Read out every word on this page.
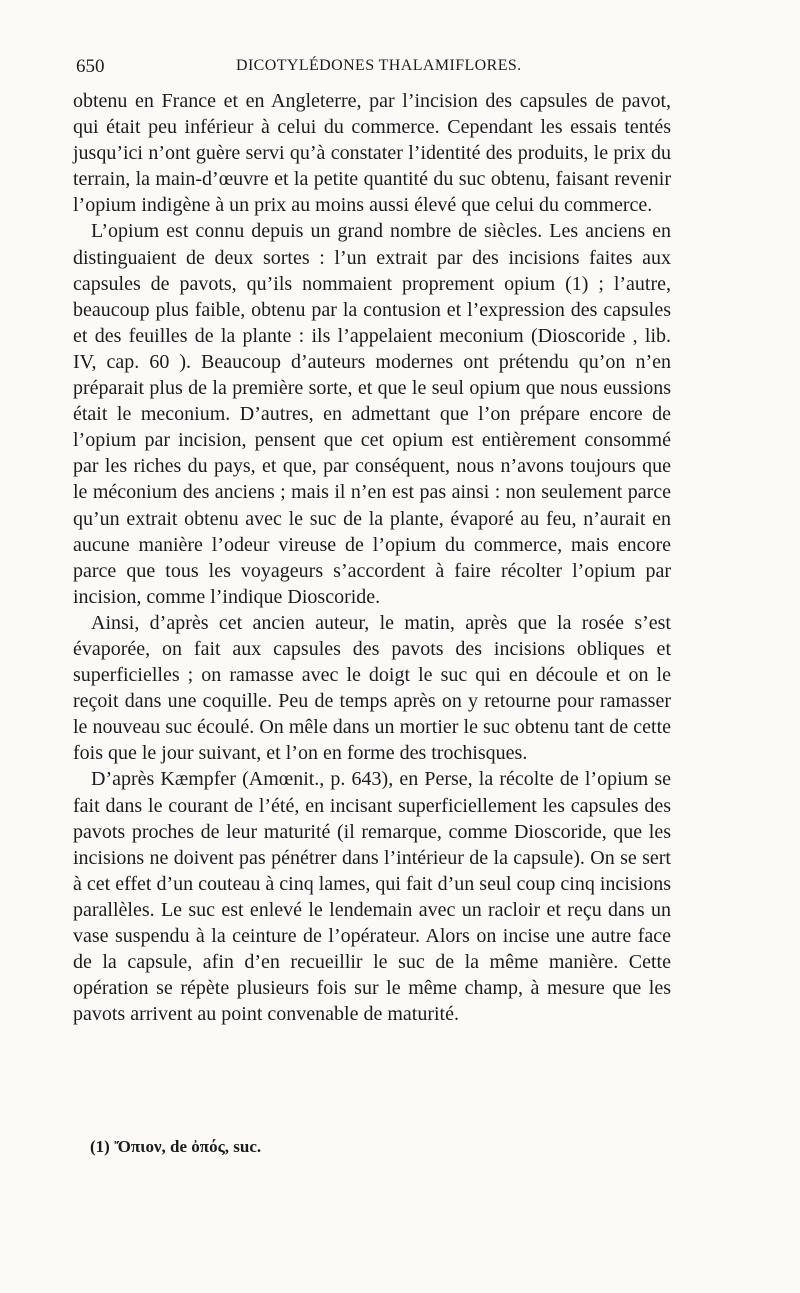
650	DICOTYLÉDONES THALAMIFLORES.

obtenu en France et en Angleterre, par l’incision des capsules de pavot, qui était peu inférieur à celui du commerce. Cependant les essais tentés jusqu’ici n’ont guère servi qu’à constater l’identité des produits, le prix du terrain, la main-d’œuvre et la petite quantité du suc obtenu, faisant revenir l’opium indigène à un prix au moins aussi élevé que celui du commerce.

L’opium est connu depuis un grand nombre de siècles. Les anciens en distinguaient de deux sortes : l’un extrait par des incisions faites aux capsules de pavots, qu’ils nommaient proprement opium (1) ; l’autre, beaucoup plus faible, obtenu par la contusion et l’expression des capsules et des feuilles de la plante : ils l’appelaient meconium (Dioscoride , lib. IV, cap. 60 ). Beaucoup d’auteurs modernes ont prétendu qu’on n’en préparait plus de la première sorte, et que le seul opium que nous eussions était le meconium. D’autres, en admettant que l’on prépare encore de l’opium par incision, pensent que cet opium est entièrement consommé par les riches du pays, et que, par conséquent, nous n’avons toujours que le méconium des anciens ; mais il n’en est pas ainsi : non seulement parce qu’un extrait obtenu avec le suc de la plante, évaporé au feu, n’aurait en aucune manière l’odeur vireuse de l’opium du commerce, mais encore parce que tous les voyageurs s’accordent à faire récolter l’opium par incision, comme l’indique Dioscoride.

Ainsi, d’après cet ancien auteur, le matin, après que la rosée s’est évaporée, on fait aux capsules des pavots des incisions obliques et superficielles ; on ramasse avec le doigt le suc qui en découle et on le reçoit dans une coquille. Peu de temps après on y retourne pour ramasser le nouveau suc écoulé. On mêle dans un mortier le suc obtenu tant de cette fois que le jour suivant, et l’on en forme des trochisques.

D’après Kæmpfer (Amœnit., p. 643), en Perse, la récolte de l’opium se fait dans le courant de l’été, en incisant superficiellement les capsules des pavots proches de leur maturité (il remarque, comme Dioscoride, que les incisions ne doivent pas pénétrer dans l’intérieur de la capsule). On se sert à cet effet d’un couteau à cinq lames, qui fait d’un seul coup cinq incisions parallèles. Le suc est enlevé le lendemain avec un racloir et reçu dans un vase suspendu à la ceinture de l’opérateur. Alors on incise une autre face de la capsule, afin d’en recueillir le suc de la même manière. Cette opération se répète plusieurs fois sur le même champ, à mesure que les pavots arrivent au point convenable de maturité.

(1) Ὄπιον, de ὀπός, suc.
